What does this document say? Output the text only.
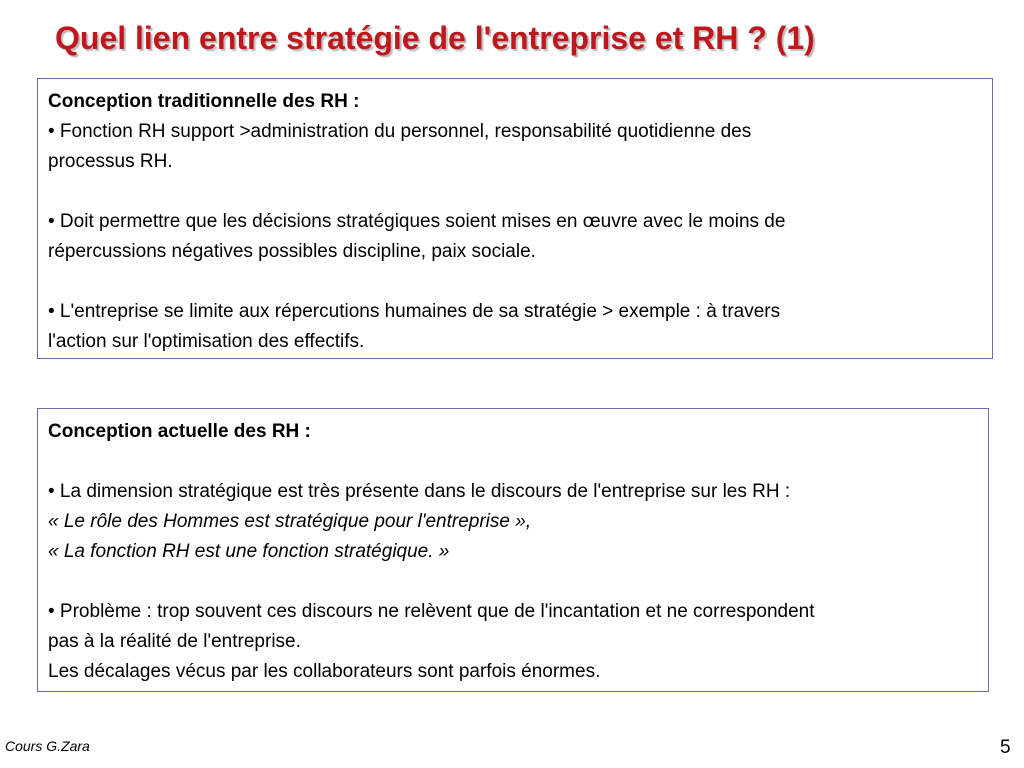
Quel lien entre stratégie de l'entreprise et RH ? (1)
Conception traditionnelle des RH :
• Fonction RH support >administration du personnel, responsabilité quotidienne des
processus RH.
• Doit permettre que les décisions stratégiques soient mises en œuvre avec le moins de
répercussions négatives possibles discipline, paix sociale.
• L'entreprise se limite aux répercutions humaines de sa stratégie > exemple : à travers
l'action sur l'optimisation des effectifs.
Conception actuelle des RH :
• La dimension stratégique est très présente dans le discours de l'entreprise sur les RH :
« Le rôle des Hommes est stratégique pour l'entreprise »,
« La fonction RH est une fonction stratégique. »
• Problème : trop souvent ces discours ne relèvent que de l'incantation et ne correspondent
pas à la réalité de l'entreprise.
Les décalages vécus par les collaborateurs sont parfois énormes.
Cours G.Zara	5
